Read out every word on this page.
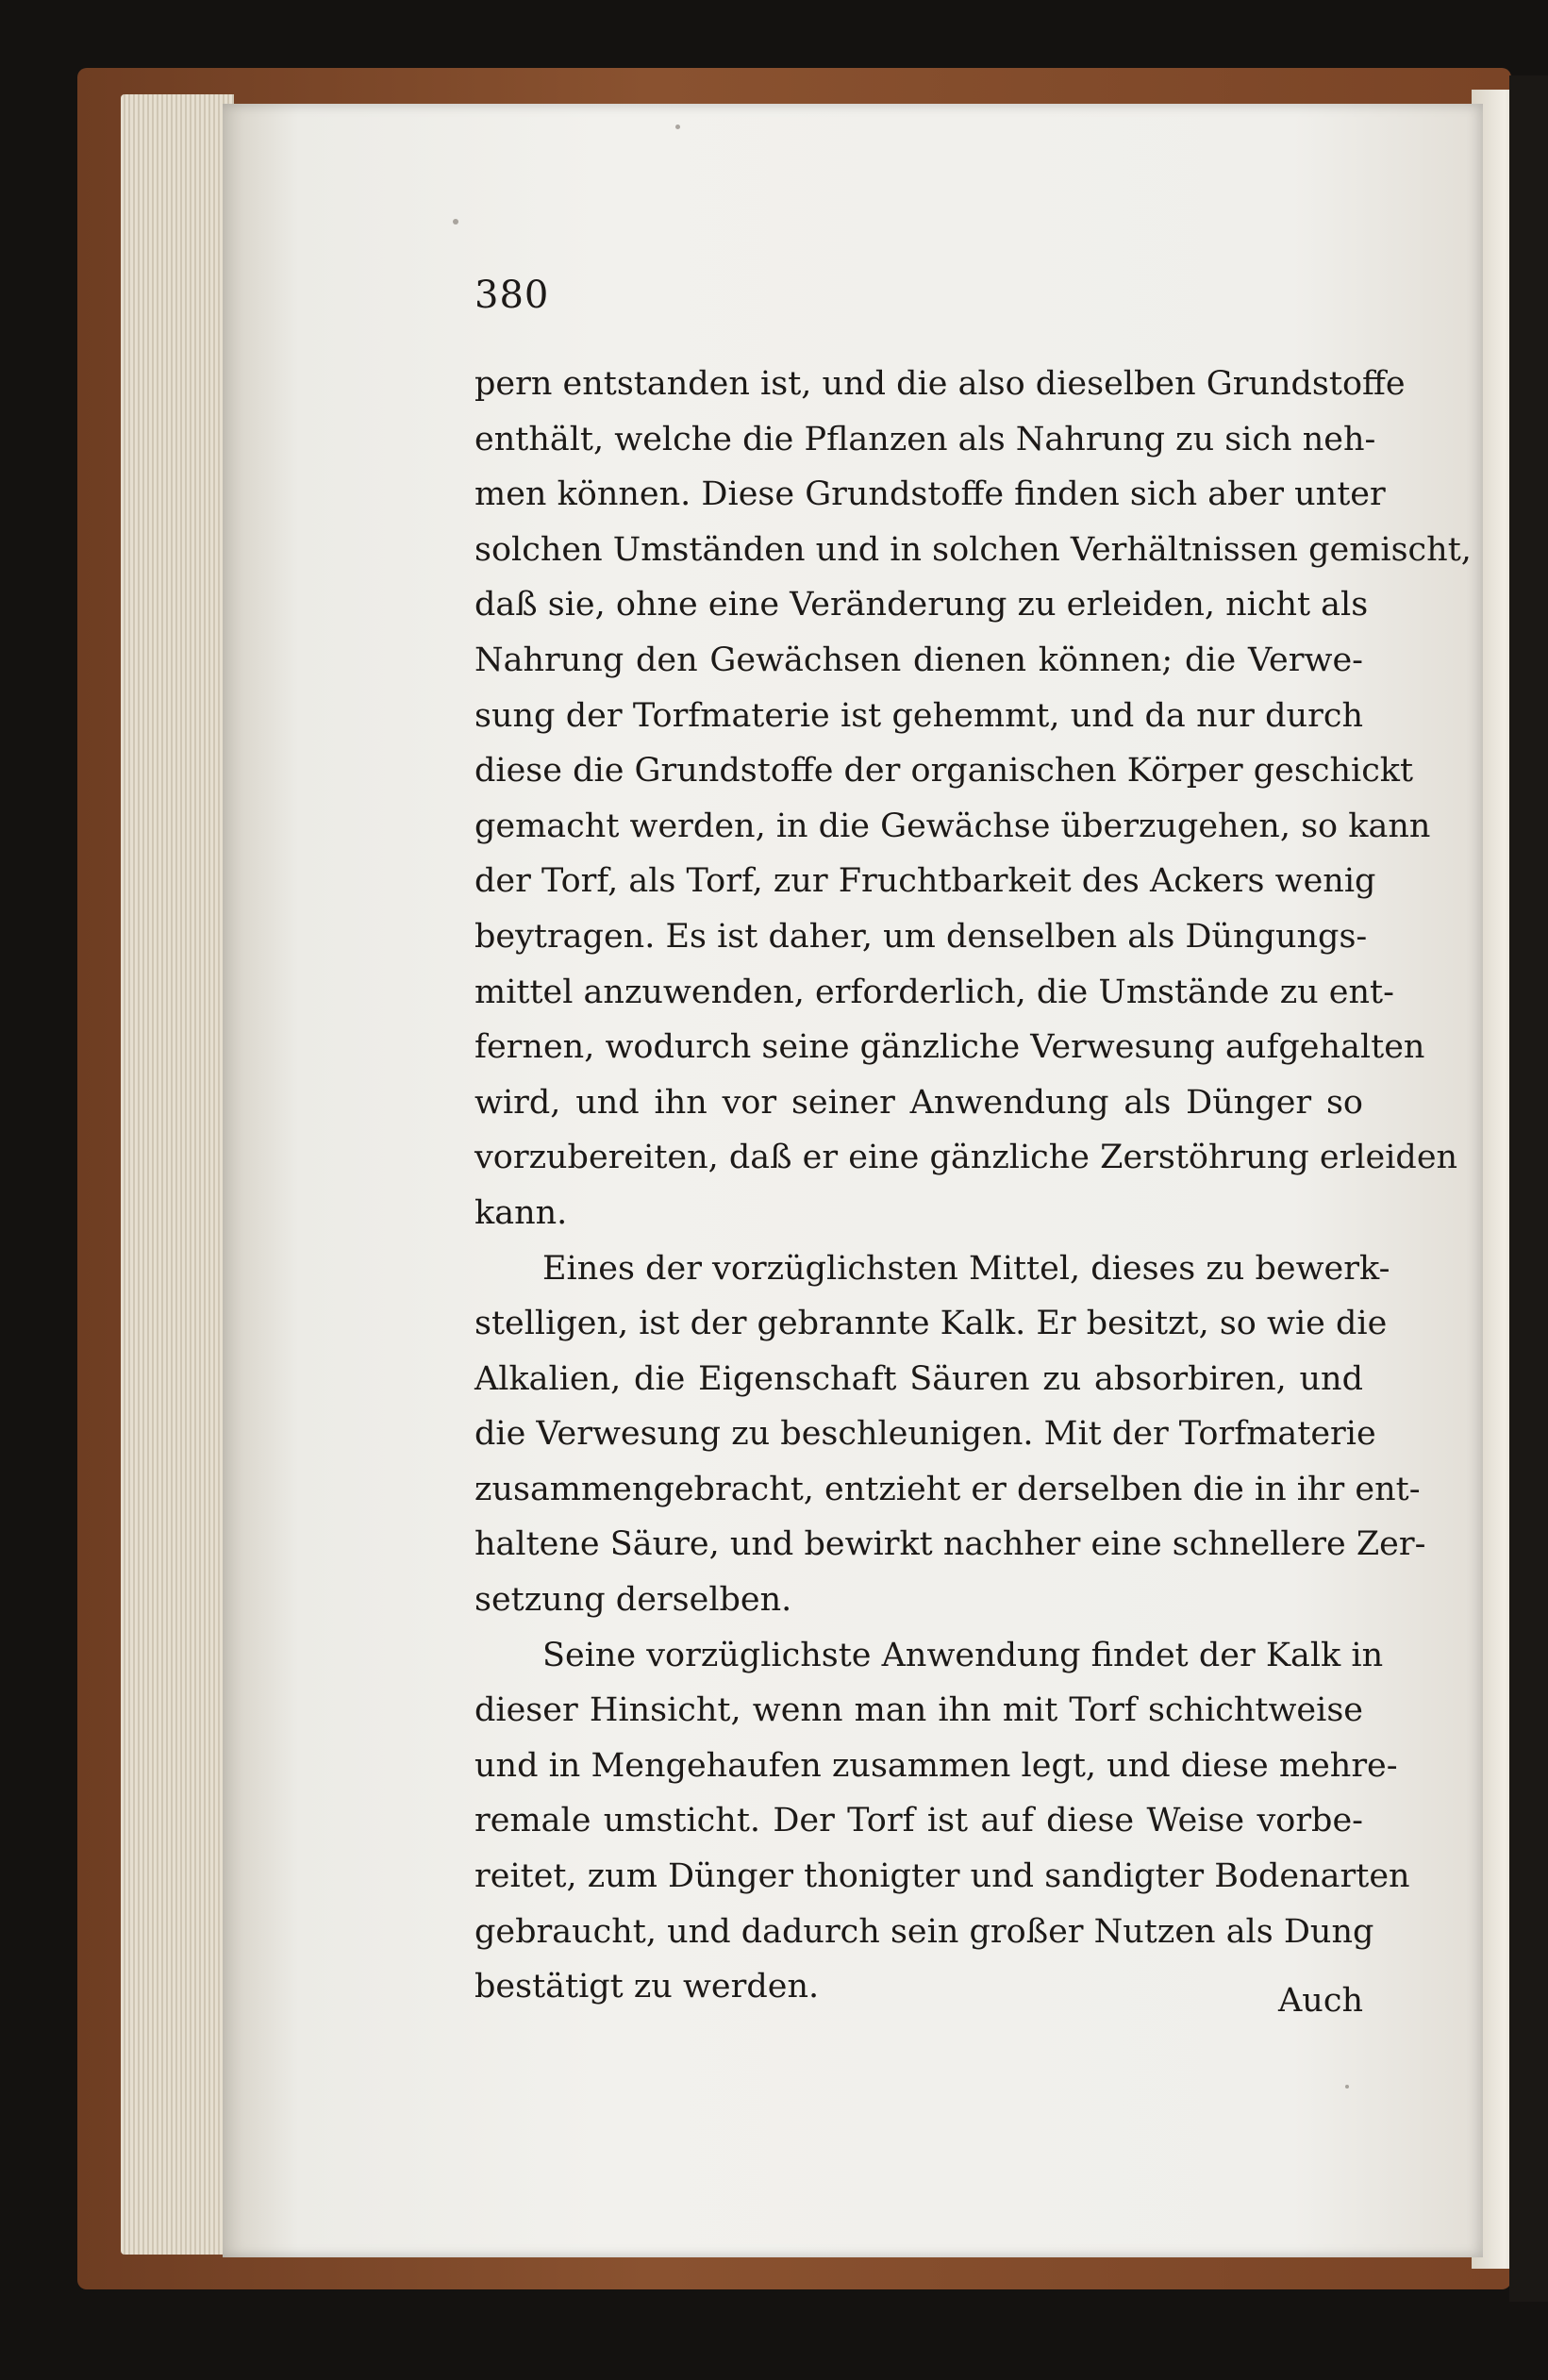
380
pern entstanden ist, und die also dieselben Grundstoffe
enthält, welche die Pflanzen als Nahrung zu sich neh-
men können. Diese Grundstoffe finden sich aber unter
solchen Umständen und in solchen Verhältnissen gemischt,
daß sie, ohne eine Veränderung zu erleiden, nicht als
Nahrung den Gewächsen dienen können; die Verwe-
sung der Torfmaterie ist gehemmt, und da nur durch
diese die Grundstoffe der organischen Körper geschickt
gemacht werden, in die Gewächse überzugehen, so kann
der Torf, als Torf, zur Fruchtbarkeit des Ackers wenig
beytragen. Es ist daher, um denselben als Düngungs-
mittel anzuwenden, erforderlich, die Umstände zu ent-
fernen, wodurch seine gänzliche Verwesung aufgehalten
wird, und ihn vor seiner Anwendung als Dünger so
vorzubereiten, daß er eine gänzliche Zerstöhrung erleiden
kann.
Eines der vorzüglichsten Mittel, dieses zu bewerk-
stelligen, ist der gebrannte Kalk. Er besitzt, so wie die
Alkalien, die Eigenschaft Säuren zu absorbiren, und
die Verwesung zu beschleunigen. Mit der Torfmaterie
zusammengebracht, entzieht er derselben die in ihr ent-
haltene Säure, und bewirkt nachher eine schnellere Zer-
setzung derselben.
Seine vorzüglichste Anwendung findet der Kalk in
dieser Hinsicht, wenn man ihn mit Torf schichtweise
und in Mengehaufen zusammen legt, und diese mehre-
remale umsticht. Der Torf ist auf diese Weise vorbe-
reitet, zum Dünger thonigter und sandigter Bodenarten
gebraucht, und dadurch sein großer Nutzen als Dung
bestätigt zu werden.	Auch
